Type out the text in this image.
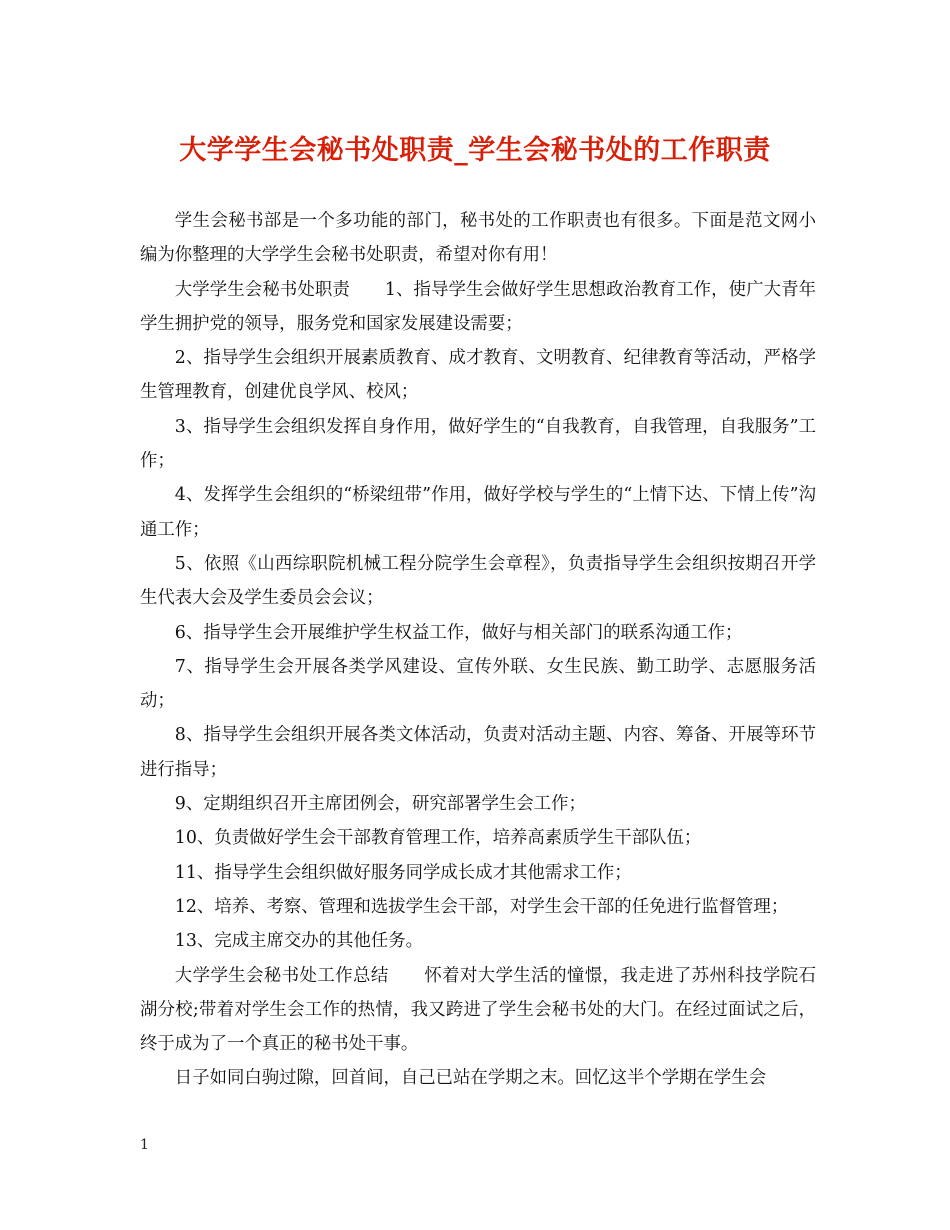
大学学生会秘书处职责_学生会秘书处的工作职责

学生会秘书部是一个多功能的部门，秘书处的工作职责也有很多。下面是范文网小编为你整理的大学学生会秘书处职责，希望对你有用！

大学学生会秘书处职责　　1、指导学生会做好学生思想政治教育工作，使广大青年学生拥护党的领导，服务党和国家发展建设需要；

2、指导学生会组织开展素质教育、成才教育、文明教育、纪律教育等活动，严格学生管理教育，创建优良学风、校风；

3、指导学生会组织发挥自身作用，做好学生的“自我教育，自我管理，自我服务”工作；

4、发挥学生会组织的“桥梁纽带”作用，做好学校与学生的“上情下达、下情上传”沟通工作；

5、依照《山西综职院机械工程分院学生会章程》，负责指导学生会组织按期召开学生代表大会及学生委员会会议；

6、指导学生会开展维护学生权益工作，做好与相关部门的联系沟通工作；

7、指导学生会开展各类学风建设、宣传外联、女生民族、勤工助学、志愿服务活动；

8、指导学生会组织开展各类文体活动，负责对活动主题、内容、筹备、开展等环节进行指导；

9、定期组织召开主席团例会，研究部署学生会工作；

10、负责做好学生会干部教育管理工作，培养高素质学生干部队伍；

11、指导学生会组织做好服务同学成长成才其他需求工作；

12、培养、考察、管理和选拔学生会干部，对学生会干部的任免进行监督管理；

13、完成主席交办的其他任务。

大学学生会秘书处工作总结　　怀着对大学生活的憧憬，我走进了苏州科技学院石湖分校;带着对学生会工作的热情，我又跨进了学生会秘书处的大门。在经过面试之后，终于成为了一个真正的秘书处干事。

日子如同白驹过隙，回首间，自己已站在学期之末。回忆这半个学期在学生会

1
